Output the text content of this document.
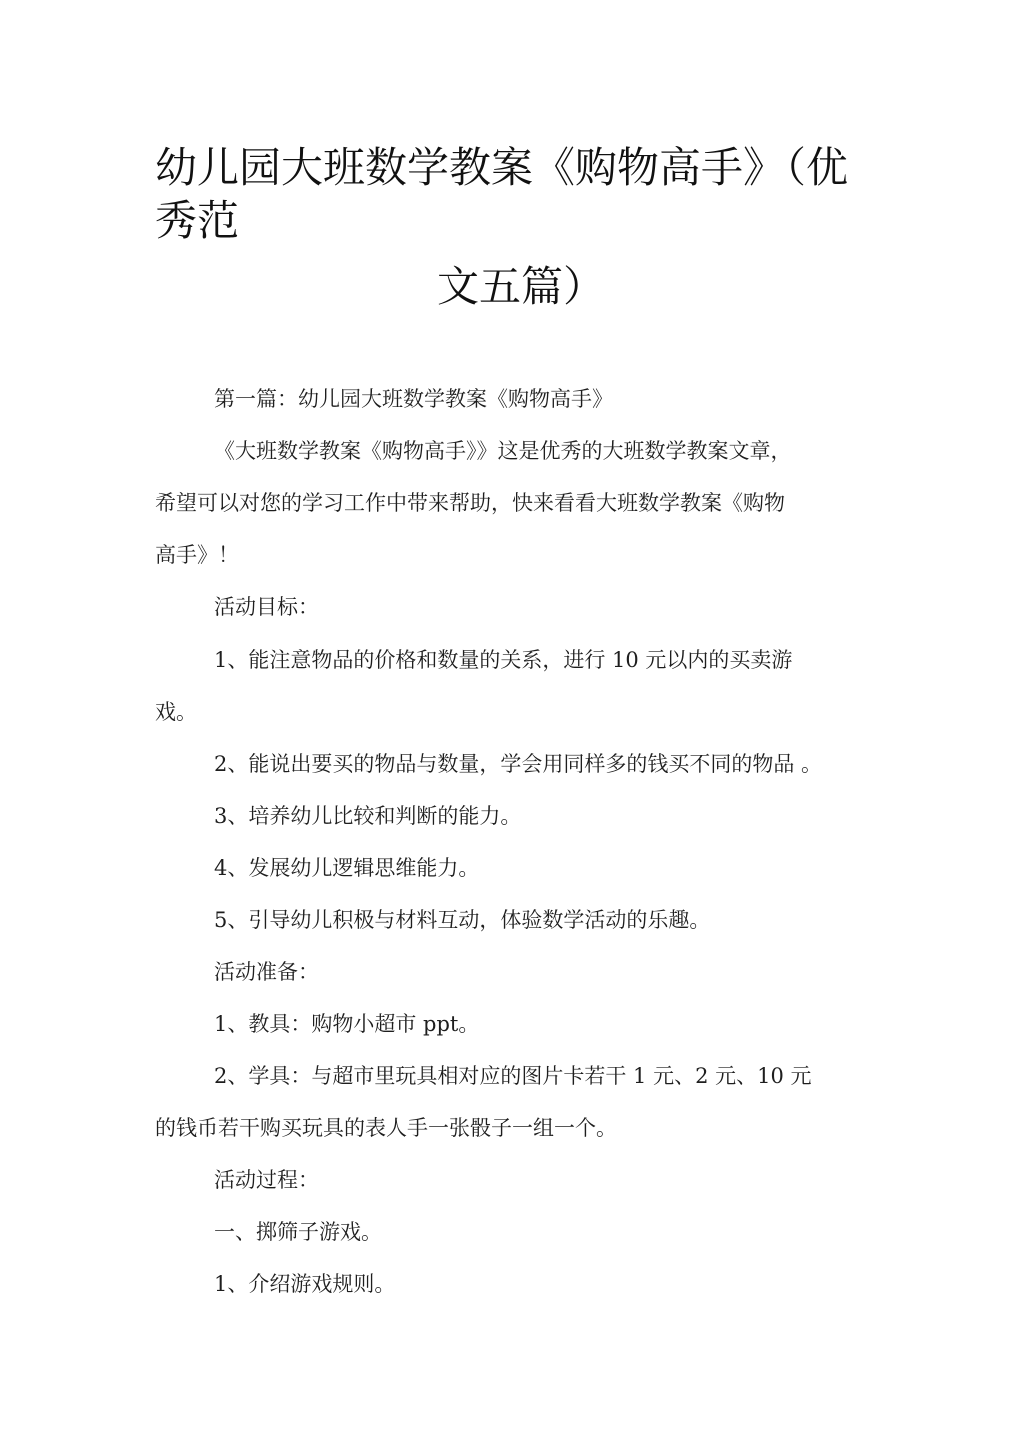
幼儿园大班数学教案《购物高手》（优
秀范
文五篇）
第一篇：幼儿园大班数学教案《购物高手》
《大班数学教案《购物高手》》这是优秀的大班数学教案文章，
希望可以对您的学习工作中带来帮助，快来看看大班数学教案《购物
高手》！
活动目标：
1、能注意物品的价格和数量的关系，进行 10 元以内的买卖游
戏。
2、能说出要买的物品与数量，学会用同样多的钱买不同的物品 。
3、培养幼儿比较和判断的能力。
4、发展幼儿逻辑思维能力。
5、引导幼儿积极与材料互动，体验数学活动的乐趣。
活动准备：
1、教具：购物小超市 ppt。
2、学具：与超市里玩具相对应的图片卡若干 1 元、2 元、10 元
的钱币若干购买玩具的表人手一张骰子一组一个。
活动过程：
一、掷筛子游戏。
1、介绍游戏规则。
